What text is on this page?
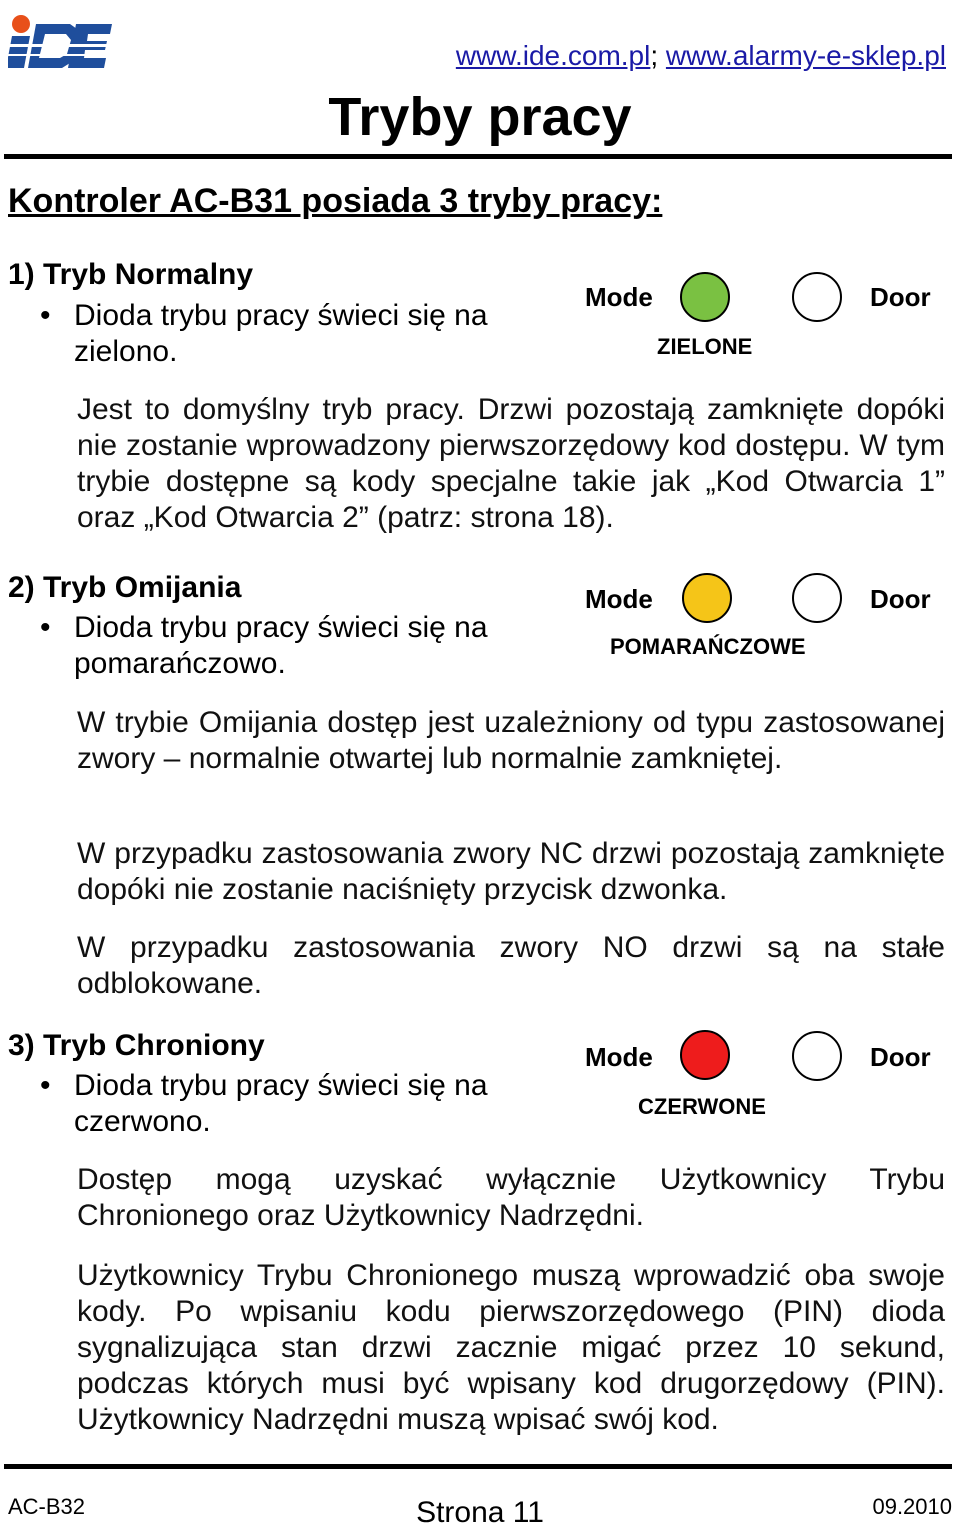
www.ide.com.pl; www.alarmy-e-sklep.pl
Tryby pracy
Kontroler AC-B31 posiada 3 tryby pracy:
1) Tryb Normalny
• Dioda trybu pracy świeci się na zielono.
Mode	Door
ZIELONE
Jest to domyślny tryb pracy. Drzwi pozostają zamknięte dopóki nie zostanie wprowadzony pierwszorzędowy kod dostępu. W tym trybie dostępne są kody specjalne takie jak „Kod Otwarcia 1” oraz „Kod Otwarcia 2” (patrz: strona 18).
2) Tryb Omijania
• Dioda trybu pracy świeci się na pomarańczowo.
Mode	Door
POMARAŃCZOWE
W trybie Omijania dostęp jest uzależniony od typu zastosowanej zwory – normalnie otwartej lub normalnie zamkniętej.
W przypadku zastosowania zwory NC drzwi pozostają zamknięte dopóki nie zostanie naciśnięty przycisk dzwonka.
W przypadku zastosowania zwory NO drzwi są na stałe odblokowane.
3) Tryb Chroniony
• Dioda trybu pracy świeci się na czerwono.
Mode	Door
CZERWONE
Dostęp mogą uzyskać wyłącznie Użytkownicy Trybu Chronionego oraz Użytkownicy Nadrzędni.
Użytkownicy Trybu Chronionego muszą wprowadzić oba swoje kody. Po wpisaniu kodu pierwszorzędowego (PIN) dioda sygnalizująca stan drzwi zacznie migać przez 10 sekund, podczas których musi być wpisany kod drugorzędowy (PIN). Użytkownicy Nadrzędni muszą wpisać swój kod.
AC-B32	Strona 11	09.2010
